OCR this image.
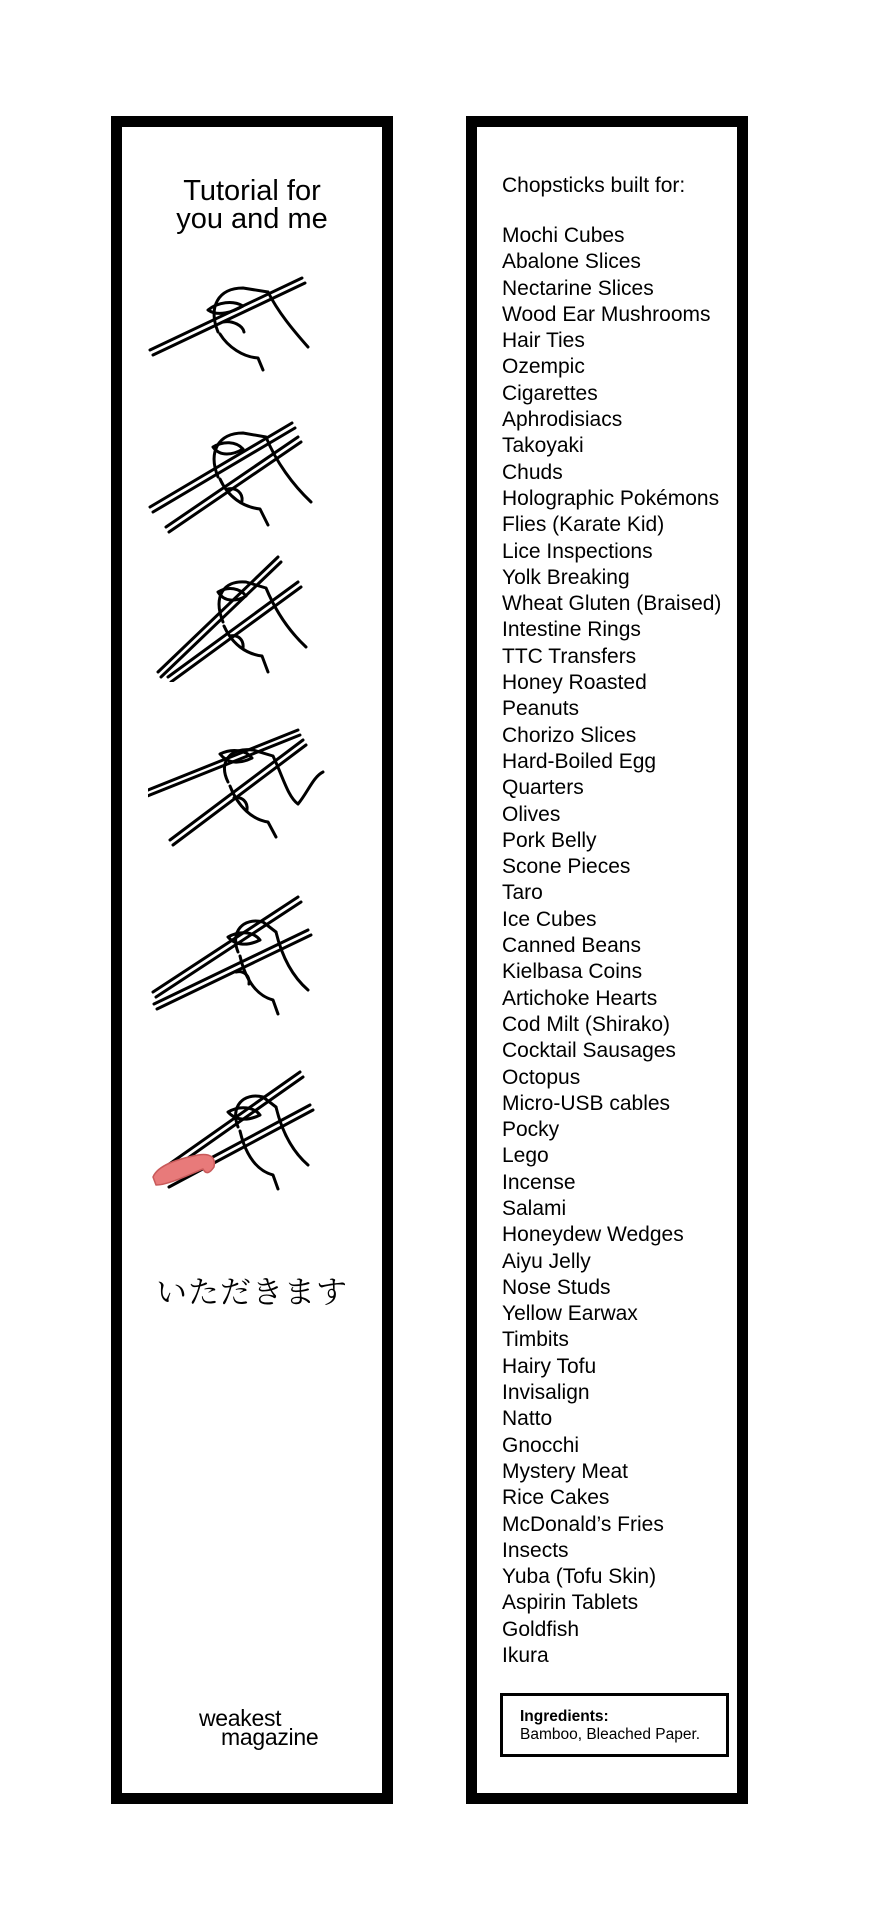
Tutorial for
you and me
いただきます
weakest
magazine
Chopsticks built for:
Mochi Cubes
Abalone Slices
Nectarine Slices
Wood Ear Mushrooms
Hair Ties
Ozempic
Cigarettes
Aphrodisiacs
Takoyaki
Chuds
Holographic Pokémons
Flies (Karate Kid)
Lice Inspections
Yolk Breaking
Wheat Gluten (Braised)
Intestine Rings
TTC Transfers
Honey Roasted
Peanuts
Chorizo Slices
Hard-Boiled Egg
Quarters
Olives
Pork Belly
Scone Pieces
Taro
Ice Cubes
Canned Beans
Kielbasa Coins
Artichoke Hearts
Cod Milt (Shirako)
Cocktail Sausages
Octopus
Micro-USB cables
Pocky
Lego
Incense
Salami
Honeydew Wedges
Aiyu Jelly
Nose Studs
Yellow Earwax
Timbits
Hairy Tofu
Invisalign
Natto
Gnocchi
Mystery Meat
Rice Cakes
McDonald’s Fries
Insects
Yuba (Tofu Skin)
Aspirin Tablets
Goldfish
Ikura
Ingredients:
Bamboo, Bleached Paper.
